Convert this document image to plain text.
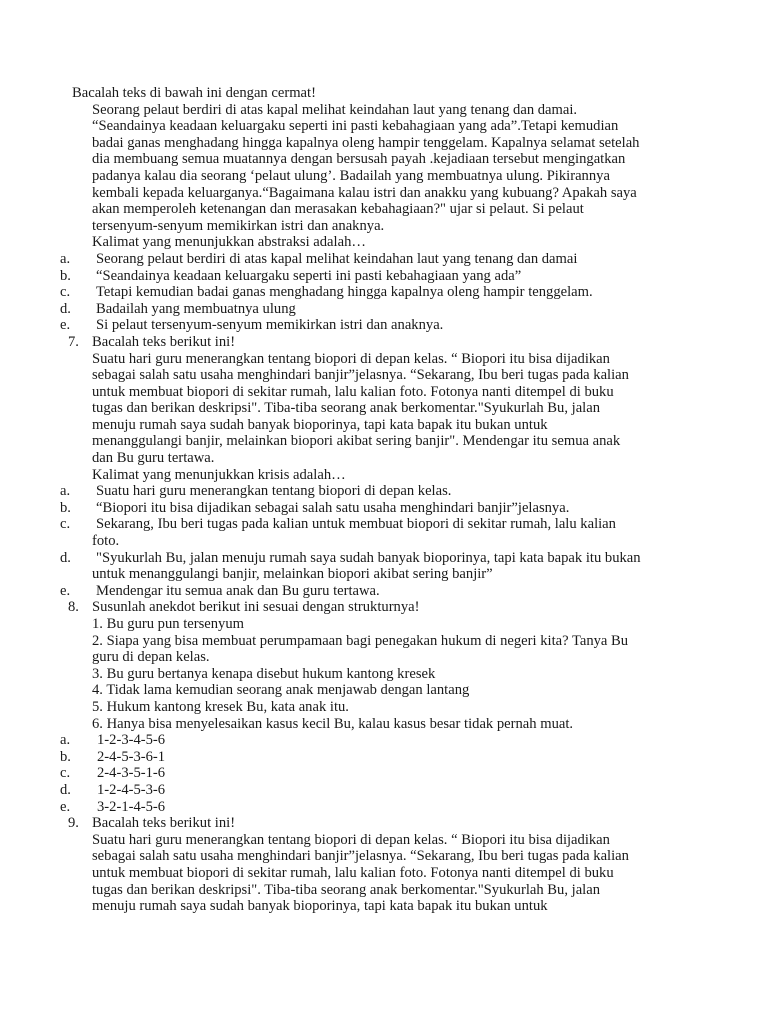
Bacalah teks di bawah ini dengan cermat!
Seorang pelaut berdiri di atas kapal melihat keindahan laut yang tenang dan damai.
“Seandainya keadaan keluargaku seperti ini pasti kebahagiaan yang ada”.Tetapi kemudian
badai ganas menghadang hingga kapalnya oleng hampir tenggelam. Kapalnya selamat setelah
dia membuang semua muatannya dengan bersusah payah .kejadiaan tersebut mengingatkan
padanya kalau dia seorang ‘pelaut ulung’. Badailah yang membuatnya ulung. Pikirannya
kembali kepada keluarganya.“Bagaimana kalau istri dan anakku yang kubuang? Apakah saya
akan memperoleh ketenangan dan merasakan kebahagiaan?" ujar si pelaut. Si pelaut
tersenyum-senyum memikirkan istri dan anaknya.
Kalimat yang menunjukkan abstraksi adalah…
a. Seorang pelaut berdiri di atas kapal melihat keindahan laut yang tenang dan damai
b. “Seandainya keadaan keluargaku seperti ini pasti kebahagiaan yang ada”
c. Tetapi kemudian badai ganas menghadang hingga kapalnya oleng hampir tenggelam.
d. Badailah yang membuatnya ulung
e. Si pelaut tersenyum-senyum memikirkan istri dan anaknya.
7. Bacalah teks berikut ini!
Suatu hari guru menerangkan tentang biopori di depan kelas. “ Biopori itu bisa dijadikan
sebagai salah satu usaha menghindari banjir”jelasnya. “Sekarang, Ibu beri tugas pada kalian
untuk membuat biopori di sekitar rumah, lalu kalian foto. Fotonya nanti ditempel di buku
tugas dan berikan deskripsi". Tiba-tiba seorang anak berkomentar."Syukurlah Bu, jalan
menuju rumah saya sudah banyak bioporinya, tapi kata bapak itu bukan untuk
menanggulangi banjir, melainkan biopori akibat sering banjir". Mendengar itu semua anak
dan Bu guru tertawa.
Kalimat yang menunjukkan krisis adalah…
a. Suatu hari guru menerangkan tentang biopori di depan kelas.
b. “Biopori itu bisa dijadikan sebagai salah satu usaha menghindari banjir”jelasnya.
c. Sekarang, Ibu beri tugas pada kalian untuk membuat biopori di sekitar rumah, lalu kalian
foto.
d. "Syukurlah Bu, jalan menuju rumah saya sudah banyak bioporinya, tapi kata bapak itu bukan
untuk menanggulangi banjir, melainkan biopori akibat sering banjir”
e. Mendengar itu semua anak dan Bu guru tertawa.
8. Susunlah anekdot berikut ini sesuai dengan strukturnya!
1. Bu guru pun tersenyum
2. Siapa yang bisa membuat perumpamaan bagi penegakan hukum di negeri kita? Tanya Bu
guru di depan kelas.
3. Bu guru bertanya kenapa disebut hukum kantong kresek
4. Tidak lama kemudian seorang anak menjawab dengan lantang
5. Hukum kantong kresek Bu, kata anak itu.
6. Hanya bisa menyelesaikan kasus kecil Bu, kalau kasus besar tidak pernah muat.
a. 1-2-3-4-5-6
b. 2-4-5-3-6-1
c. 2-4-3-5-1-6
d. 1-2-4-5-3-6
e. 3-2-1-4-5-6
9. Bacalah teks berikut ini!
Suatu hari guru menerangkan tentang biopori di depan kelas. “ Biopori itu bisa dijadikan
sebagai salah satu usaha menghindari banjir”jelasnya. “Sekarang, Ibu beri tugas pada kalian
untuk membuat biopori di sekitar rumah, lalu kalian foto. Fotonya nanti ditempel di buku
tugas dan berikan deskripsi". Tiba-tiba seorang anak berkomentar."Syukurlah Bu, jalan
menuju rumah saya sudah banyak bioporinya, tapi kata bapak itu bukan untuk
